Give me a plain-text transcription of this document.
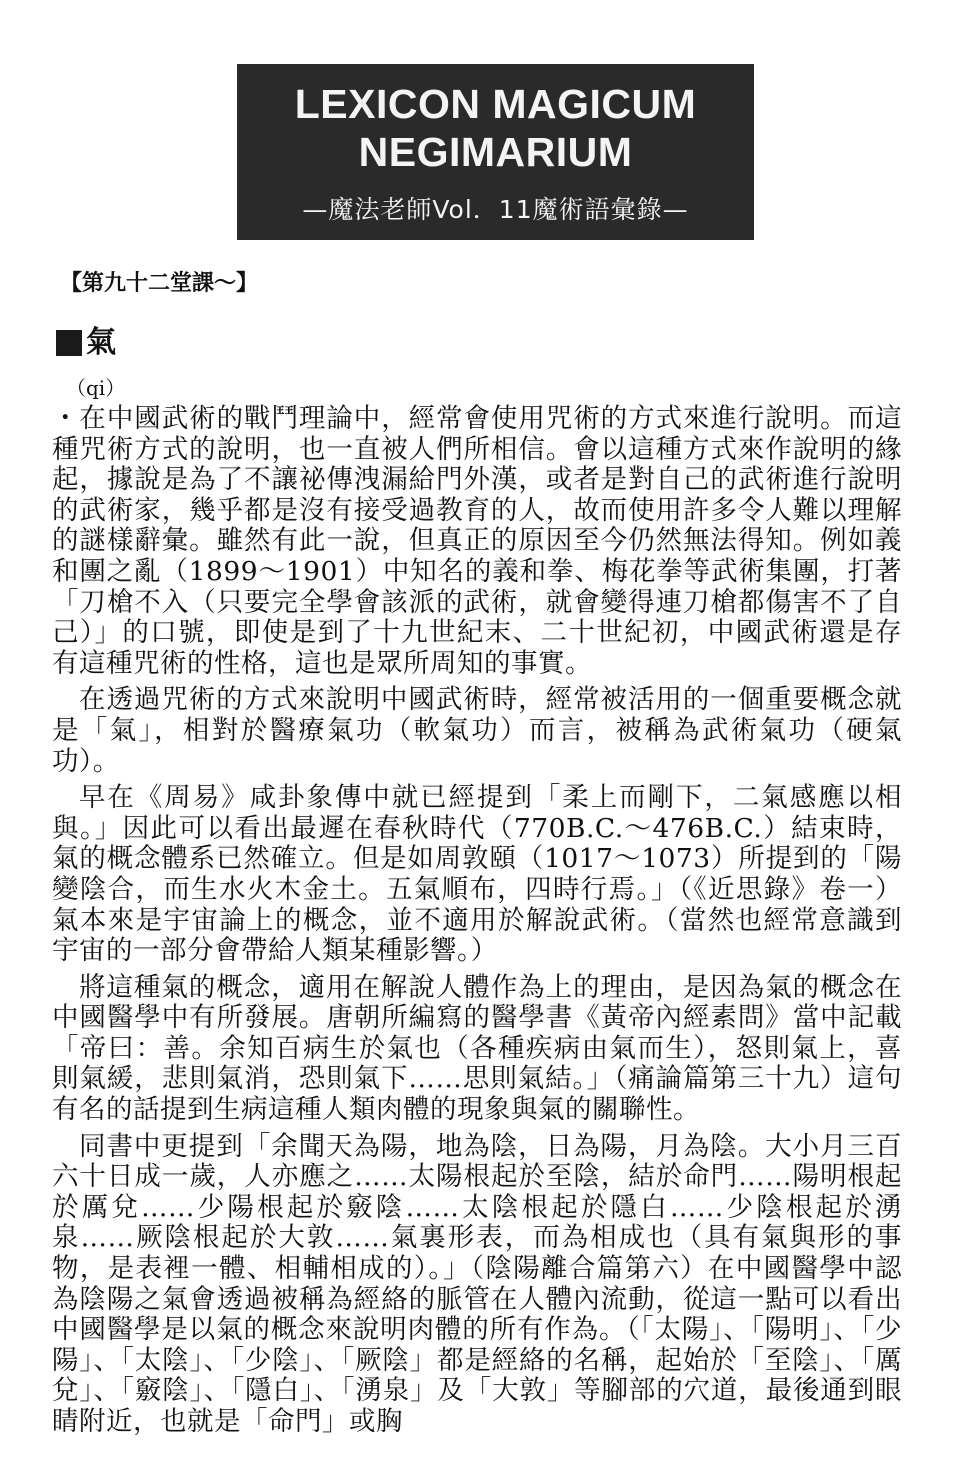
LEXICON MAGICUM
NEGIMARIUM
—魔法老師Vol．11魔術語彙錄—
【第九十二堂課～】
氣
（qi）

・在中國武術的戰鬥理論中，經常會使用咒術的方式來進行說明。而這種咒術方式的說明，也一直被人們所相信。會以這種方式來作說明的緣起，據說是為了不讓祕傳洩漏給門外漢，或者是對自己的武術進行說明的武術家，幾乎都是沒有接受過教育的人，故而使用許多令人難以理解的謎樣辭彙。雖然有此一說，但真正的原因至今仍然無法得知。例如義和團之亂（1899～1901）中知名的義和拳、梅花拳等武術集團，打著「刀槍不入（只要完全學會該派的武術，就會變得連刀槍都傷害不了自己）」的口號，即使是到了十九世紀末、二十世紀初，中國武術還是存有這種咒術的性格，這也是眾所周知的事實。

在透過咒術的方式來說明中國武術時，經常被活用的一個重要概念就是「氣」，相對於醫療氣功（軟氣功）而言，被稱為武術氣功（硬氣功）。

早在《周易》咸卦象傳中就已經提到「柔上而剛下，二氣感應以相與。」因此可以看出最遲在春秋時代（770B.C.～476B.C.）結束時，氣的概念體系已然確立。但是如周敦頤（1017～1073）所提到的「陽變陰合，而生水火木金土。五氣順布，四時行焉。」（《近思錄》卷一）氣本來是宇宙論上的概念，並不適用於解說武術。（當然也經常意識到宇宙的一部分會帶給人類某種影響。）

將這種氣的概念，適用在解說人體作為上的理由，是因為氣的概念在中國醫學中有所發展。唐朝所編寫的醫學書《黃帝內經素問》當中記載「帝曰：善。余知百病生於氣也（各種疾病由氣而生），怒則氣上，喜則氣緩，悲則氣消，恐則氣下……思則氣結。」（痛論篇第三十九）這句有名的話提到生病這種人類肉體的現象與氣的關聯性。

同書中更提到「余聞天為陽，地為陰，日為陽，月為陰。大小月三百六十日成一歲，人亦應之……太陽根起於至陰，結於命門……陽明根起於厲兌……少陽根起於竅陰……太陰根起於隱白……少陰根起於湧泉……厥陰根起於大敦……氣裏形表，而為相成也（具有氣與形的事物，是表裡一體、相輔相成的）。」（陰陽離合篇第六）在中國醫學中認為陰陽之氣會透過被稱為經絡的脈管在人體內流動，從這一點可以看出中國醫學是以氣的概念來說明肉體的所有作為。（「太陽」、「陽明」、「少陽」、「太陰」、「少陰」、「厥陰」都是經絡的名稱，起始於「至陰」、「厲兌」、「竅陰」、「隱白」、「湧泉」及「大敦」等腳部的穴道，最後通到眼睛附近，也就是「命門」或胸
